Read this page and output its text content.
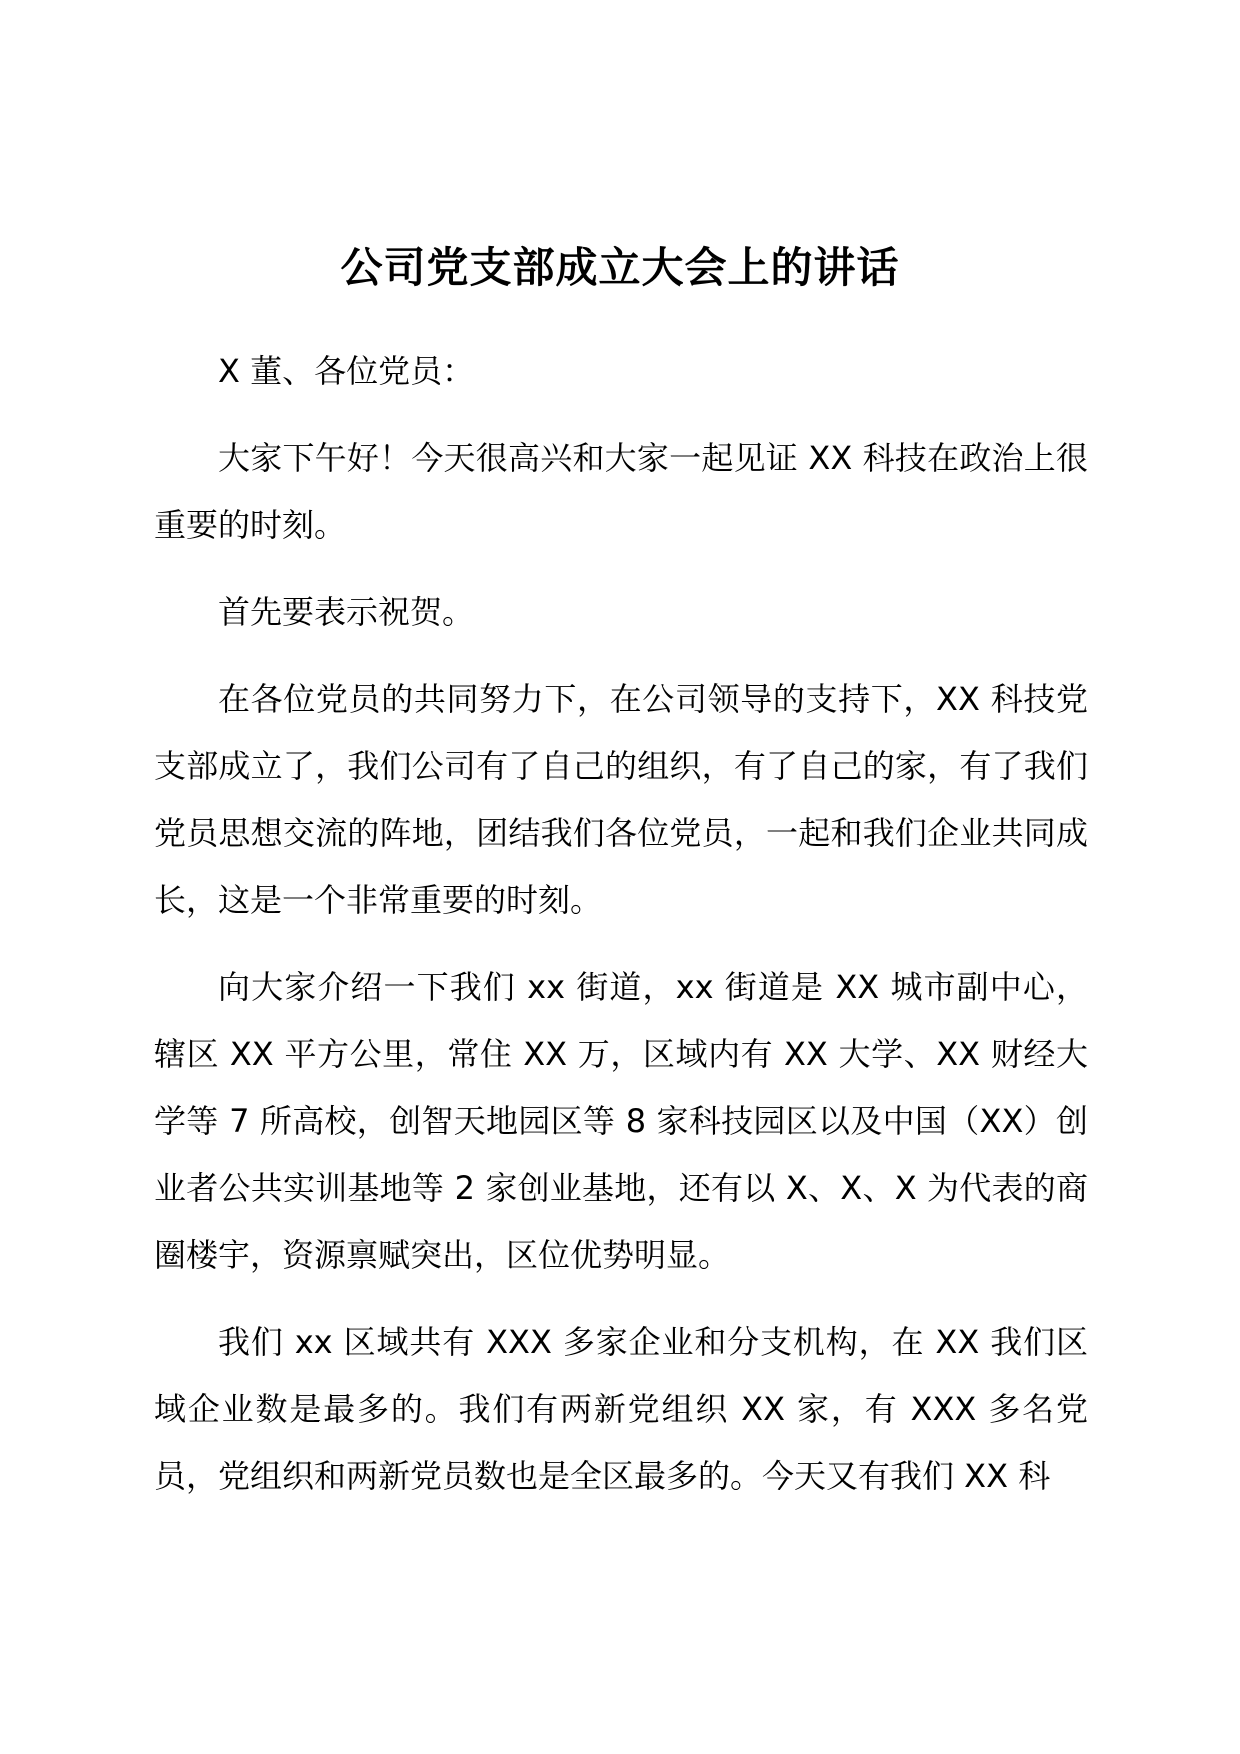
公司党支部成立大会上的讲话

X 董、各位党员：

大家下午好！今天很高兴和大家一起见证 XX 科技在政治上很重要的时刻。

首先要表示祝贺。

在各位党员的共同努力下，在公司领导的支持下，XX 科技党支部成立了，我们公司有了自己的组织，有了自己的家，有了我们党员思想交流的阵地，团结我们各位党员，一起和我们企业共同成长，这是一个非常重要的时刻。

向大家介绍一下我们 xx 街道，xx 街道是 XX 城市副中心，辖区 XX 平方公里，常住 XX 万，区域内有 XX 大学、XX 财经大学等 7 所高校，创智天地园区等 8 家科技园区以及中国（XX）创业者公共实训基地等 2 家创业基地，还有以 X、X、X 为代表的商圈楼宇，资源禀赋突出，区位优势明显。

我们 xx 区域共有 XXX 多家企业和分支机构，在 XX 我们区域企业数是最多的。我们有两新党组织 XX 家，有 XXX 多名党员，党组织和两新党员数也是全区最多的。今天又有我们 XX 科
